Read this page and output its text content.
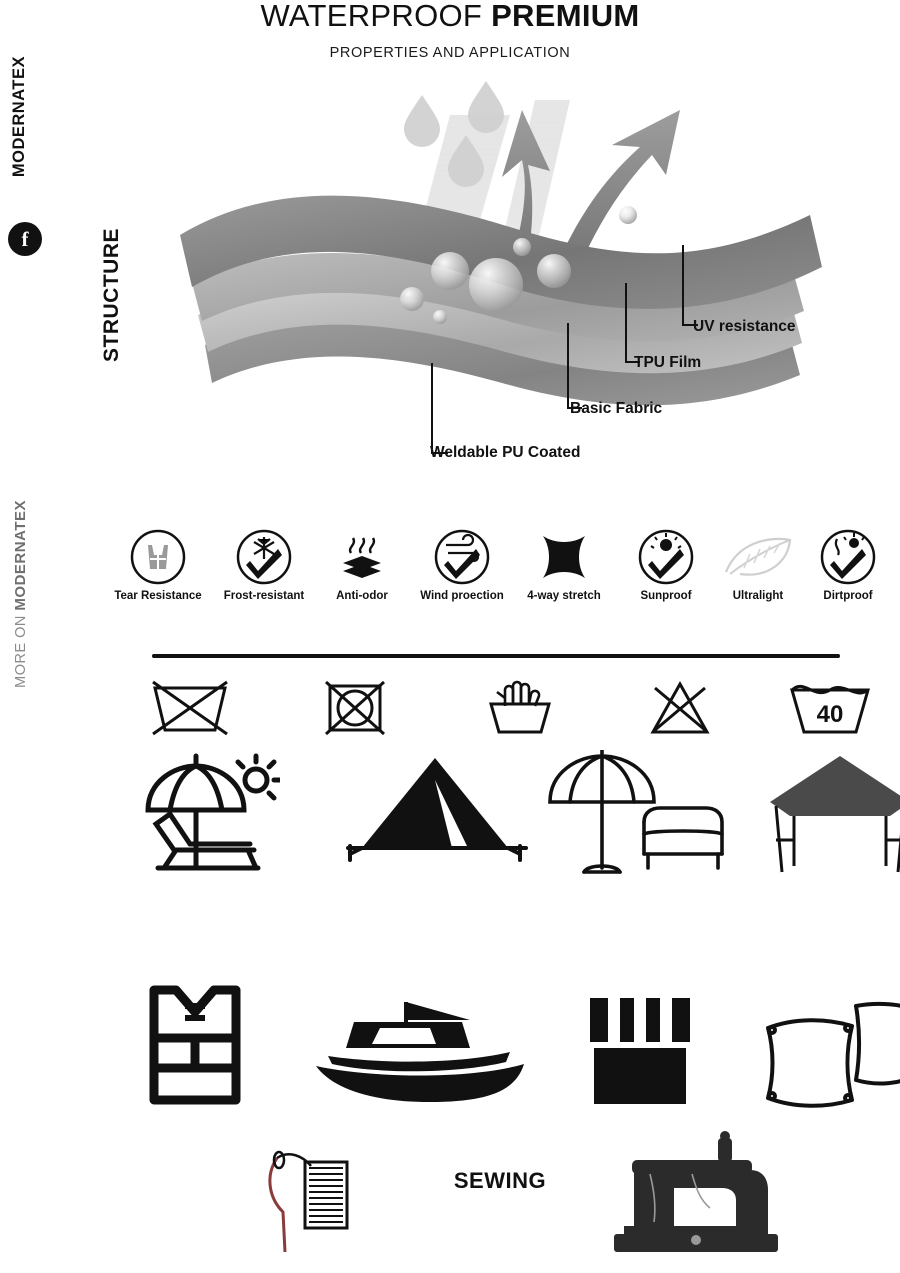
WATERPROOF PREMIUM
PROPERTIES AND APPLICATION
MODERNATEX
f
MORE ON MODERNATEX
STRUCTURE	UV resistance
TPU Film
Basic Fabric
Weldable PU Coated
Tear Resistance	Frost-resistant	Anti-odor	Wind proection	4-way stretch	Sunproof	Ultralight	Dirtproof
40
SEWING
